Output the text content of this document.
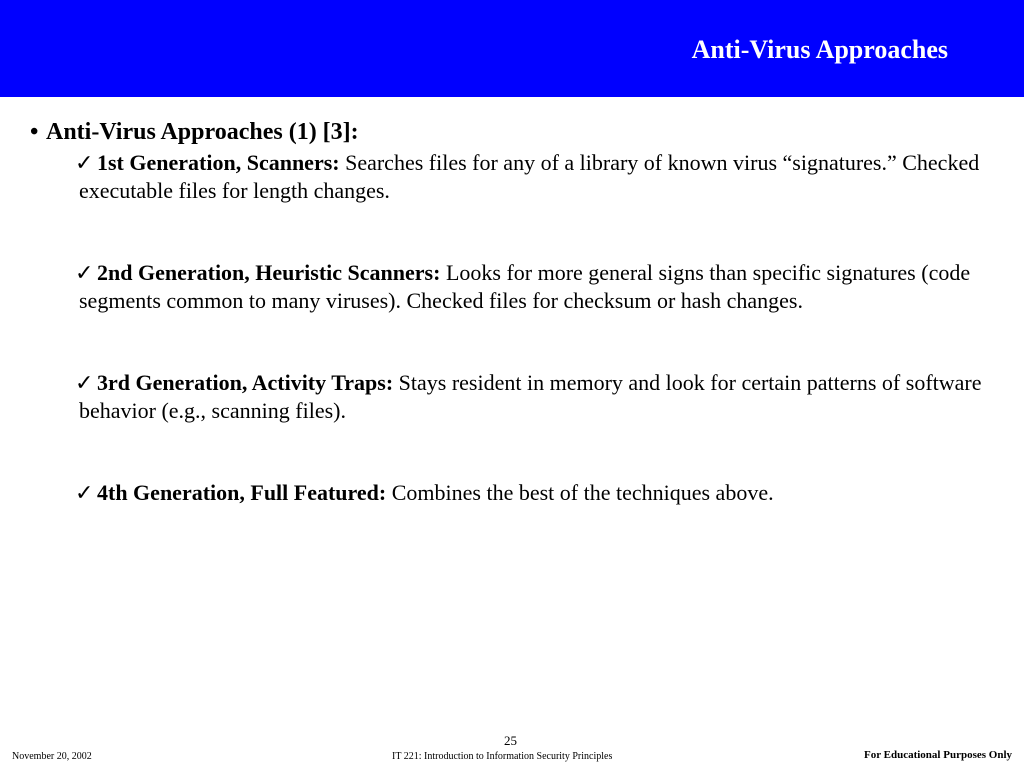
Anti-Virus Approaches
• Anti-Virus Approaches (1) [3]:
✓ 1st Generation, Scanners: Searches files for any of a library of known virus “signatures.” Checked executable files for length changes.
✓ 2nd Generation, Heuristic Scanners: Looks for more general signs than specific signatures (code segments common to many viruses). Checked files for checksum or hash changes.
✓ 3rd Generation, Activity Traps: Stays resident in memory and look for certain patterns of software behavior (e.g., scanning files).
✓ 4th Generation, Full Featured: Combines the best of the techniques above.
November 20, 2002
25
IT 221: Introduction to Information Security Principles	For Educational Purposes Only
